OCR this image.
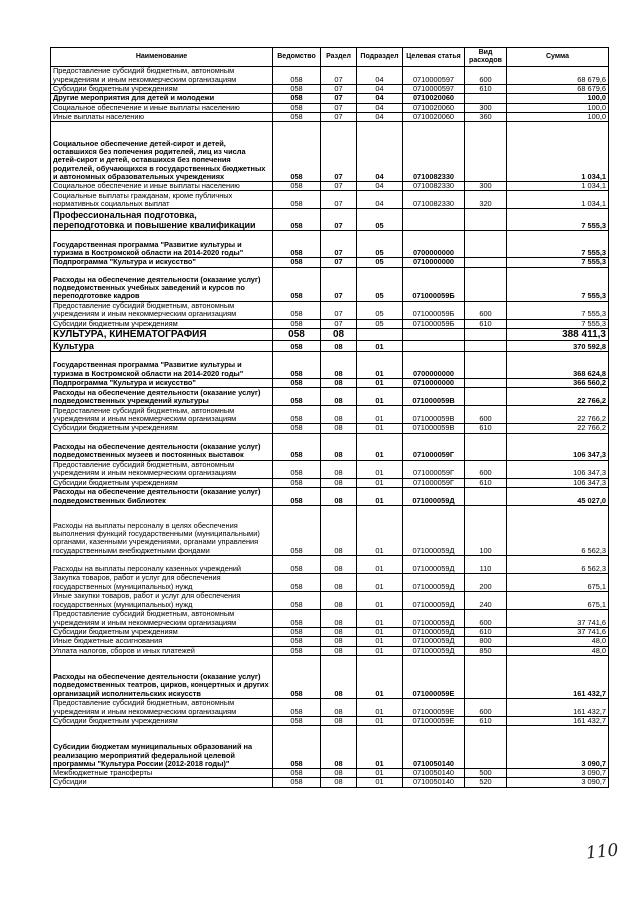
Наименование	Ведомство	Раздел	Подраздел	Целевая статья	Вид расходов	Сумма
Предоставление субсидий бюджетным, автономным учреждениям и иным некоммерческим организациям	058	07	04	0710000597	600	68 679,6
Субсидии бюджетным учреждениям	058	07	04	0710000597	610	68 679,6
Другие мероприятия для детей и молодежи	058	07	04	0710020060		100,0
Социальное обеспечение и иные выплаты населению	058	07	04	0710020060	300	100,0
Иные выплаты населению	058	07	04	0710020060	360	100,0
Социальное обеспечение детей-сирот и детей, оставшихся без попечения родителей, лиц из числа детей-сирот и детей, оставшихся без попечения родителей, обучающихся в государственных бюджетных и автономных образовательных учреждениях	058	07	04	0710082330		1 034,1
Социальное обеспечение и иные выплаты населению	058	07	04	0710082330	300	1 034,1
Социальные выплаты гражданам, кроме публичных нормативных социальных выплат	058	07	04	0710082330	320	1 034,1
Профессиональная подготовка, переподготовка и повышение квалификации	058	07	05			7 555,3
Государственная программа "Развитие культуры и туризма в Костромской области на 2014-2020 годы"	058	07	05	0700000000		7 555,3
Подпрограмма "Культура и искусство"	058	07	05	0710000000		7 555,3
Расходы на обеспечение деятельности (оказание услуг) подведомственных учебных заведений и курсов по переподготовке кадров	058	07	05	071000059Б		7 555,3
Предоставление субсидий бюджетным, автономным учреждениям и иным некоммерческим организациям	058	07	05	071000059Б	600	7 555,3
Субсидии бюджетным учреждениям	058	07	05	071000059Б	610	7 555,3
КУЛЬТУРА, КИНЕМАТОГРАФИЯ	058	08				388 411,3
Культура	058	08	01			370 592,8
Государственная программа "Развитие культуры и туризма в Костромской области на 2014-2020 годы"	058	08	01	0700000000		368 624,8
Подпрограмма "Культура и искусство"	058	08	01	0710000000		366 560,2
Расходы на обеспечение деятельности (оказание услуг) подведомственных учреждений культуры	058	08	01	071000059В		22 766,2
Предоставление субсидий бюджетным, автономным учреждениям и иным некоммерческим организациям	058	08	01	071000059В	600	22 766,2
Субсидии бюджетным учреждениям	058	08	01	071000059В	610	22 766,2
Расходы на обеспечение деятельности (оказание услуг) подведомственных музеев и постоянных выставок	058	08	01	071000059Г		106 347,3
Предоставление субсидий бюджетным, автономным учреждениям и иным некоммерческим организациям	058	08	01	071000059Г	600	106 347,3
Субсидии бюджетным учреждениям	058	08	01	071000059Г	610	106 347,3
Расходы на обеспечение деятельности (оказание услуг) подведомственных библиотек	058	08	01	071000059Д		45 027,0
Расходы на выплаты персоналу в целях обеспечения выполнения функций государственными (муниципальными) органами, казенными учреждениями, органами управления государственными внебюджетными фондами	058	08	01	071000059Д	100	6 562,3
Расходы на выплаты персоналу казенных учреждений	058	08	01	071000059Д	110	6 562,3
Закупка товаров, работ и услуг для обеспечения государственных (муниципальных) нужд	058	08	01	071000059Д	200	675,1
Иные закупки товаров, работ и услуг для обеспечения государственных (муниципальных) нужд	058	08	01	071000059Д	240	675,1
Предоставление субсидий бюджетным, автономным учреждениям и иным некоммерческим организациям	058	08	01	071000059Д	600	37 741,6
Субсидии бюджетным учреждениям	058	08	01	071000059Д	610	37 741,6
Иные бюджетные ассигнования	058	08	01	071000059Д	800	48,0
Уплата налогов, сборов и иных платежей	058	08	01	071000059Д	850	48,0
Расходы на обеспечение деятельности (оказание услуг) подведомственных театров, цирков, концертных и других организаций исполнительских искусств	058	08	01	071000059Е		161 432,7
Предоставление субсидий бюджетным, автономным учреждениям и иным некоммерческим организациям	058	08	01	071000059Е	600	161 432,7
Субсидии бюджетным учреждениям	058	08	01	071000059Е	610	161 432,7
Субсидии бюджетам муниципальных образований на реализацию мероприятий федеральной целевой программы "Культура России (2012-2018 годы)"	058	08	01	0710050140		3 090,7
Межбюджетные трансферты	058	08	01	0710050140	500	3 090,7
Субсидии	058	08	01	0710050140	520	3 090,7
110
